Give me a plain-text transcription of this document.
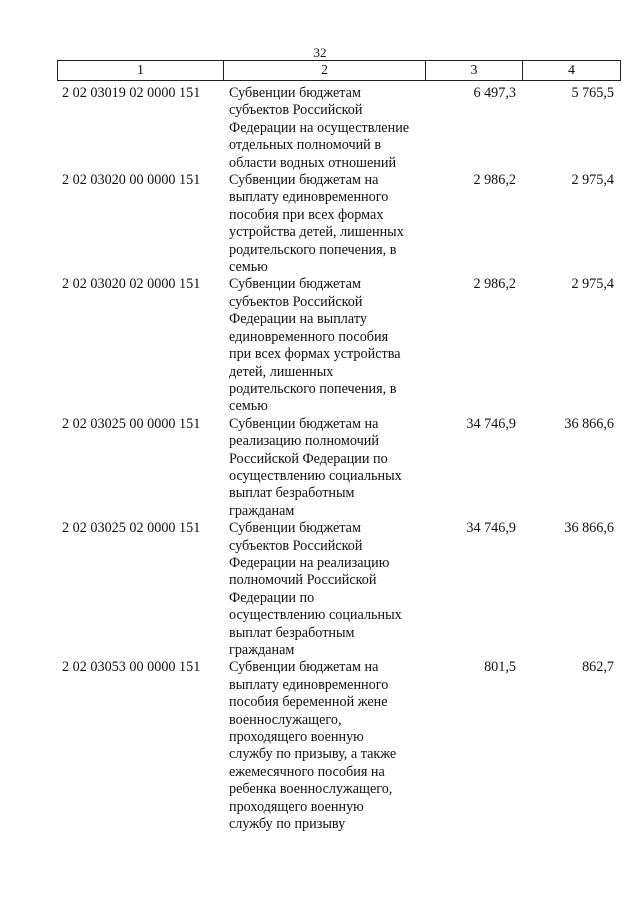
32
1	2	3	4
2 02 03019 02 0000 151 Субвенции бюджетам
субъектов Российской
Федерации на осуществление
отдельных полномочий в
области водных отношений
6 497,3	5 765,5
2 02 03020 00 0000 151 Субвенции бюджетам на
выплату единовременного
пособия при всех формах
устройства детей, лишенных
родительского попечения, в
семью
2 986,2	2 975,4
2 02 03020 02 0000 151 Субвенции бюджетам
субъектов Российской
Федерации на выплату
единовременного пособия
при всех формах устройства
детей, лишенных
родительского попечения, в
семью
2 986,2	2 975,4
2 02 03025 00 0000 151 Субвенции бюджетам на
реализацию полномочий
Российской Федерации по
осуществлению социальных
выплат безработным
гражданам
34 746,9	36 866,6
2 02 03025 02 0000 151 Субвенции бюджетам
субъектов Российской
Федерации на реализацию
полномочий Российской
Федерации по
осуществлению социальных
выплат безработным
гражданам
34 746,9	36 866,6
2 02 03053 00 0000 151 Субвенции бюджетам на
выплату единовременного
пособия беременной жене
военнослужащего,
проходящего военную
службу по призыву, а также
ежемесячного пособия на
ребенка военнослужащего,
проходящего военную
службу по призыву
801,5	862,7
